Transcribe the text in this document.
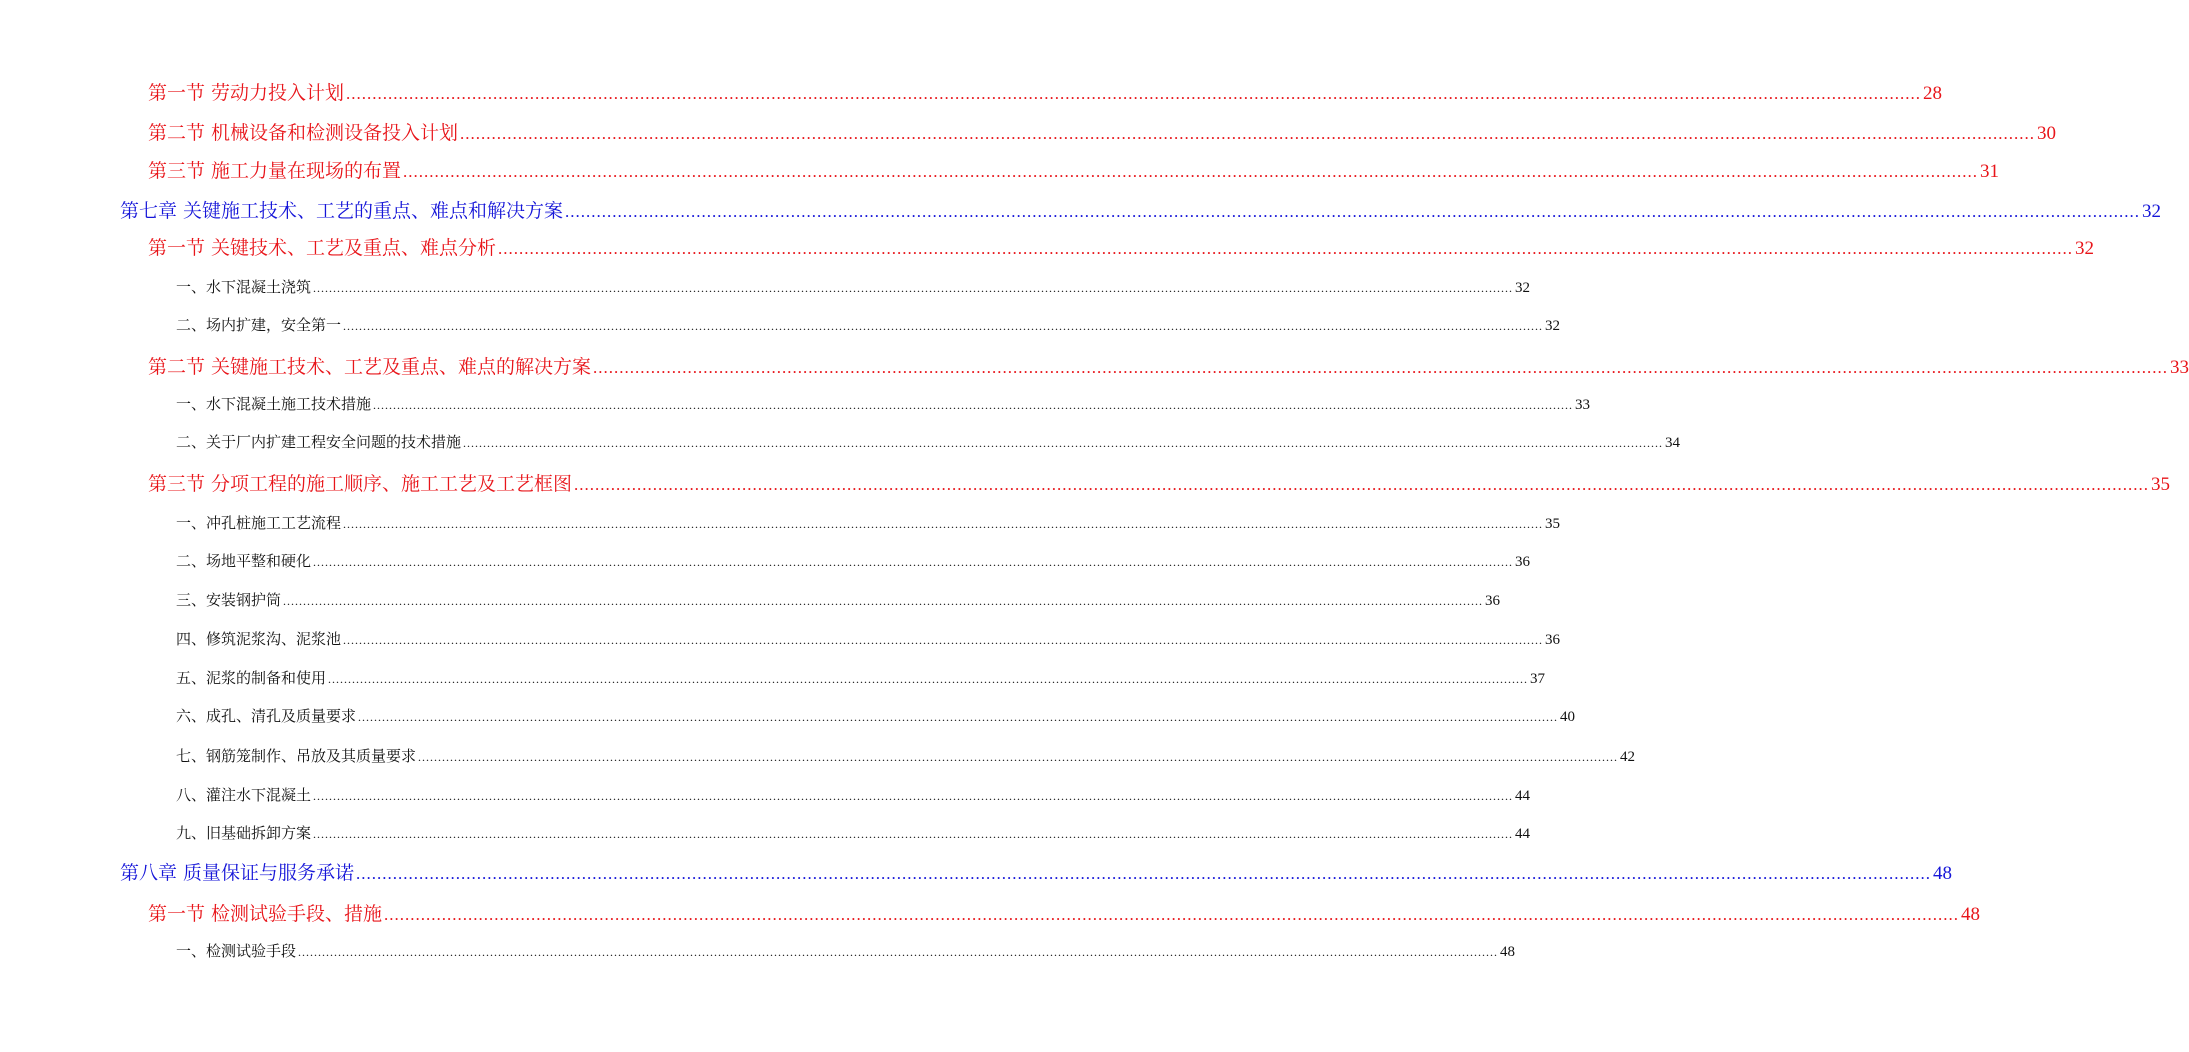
第一节 劳动力投入计划 ............................................................................................................................................................................................................................................................................................................ 28
第二节 机械设备和检测设备投入计划 ............................................................................................................................................................................................................................................................................................................ 30
第三节 施工力量在现场的布置 ............................................................................................................................................................................................................................................................................................................ 31
第七章 关键施工技术、工艺的重点、难点和解决方案 ............................................................................................................................................................................................................................................................................................................ 32
第一节 关键技术、工艺及重点、难点分析 ............................................................................................................................................................................................................................................................................................................ 32
一、水下混凝土浇筑 ............................................................................................................................................................................................................................................................................................................ 32
二、场内扩建，安全第一 ............................................................................................................................................................................................................................................................................................................ 32
第二节 关键施工技术、工艺及重点、难点的解决方案 ............................................................................................................................................................................................................................................................................................................ 33
一、水下混凝土施工技术措施 ............................................................................................................................................................................................................................................................................................................ 33
二、关于厂内扩建工程安全问题的技术措施 ............................................................................................................................................................................................................................................................................................................ 34
第三节 分项工程的施工顺序、施工工艺及工艺框图 ............................................................................................................................................................................................................................................................................................................ 35
一、冲孔桩施工工艺流程 ............................................................................................................................................................................................................................................................................................................ 35
二、场地平整和硬化 ............................................................................................................................................................................................................................................................................................................ 36
三、安装钢护筒 ............................................................................................................................................................................................................................................................................................................ 36
四、修筑泥浆沟、泥浆池 ............................................................................................................................................................................................................................................................................................................ 36
五、泥浆的制备和使用 ............................................................................................................................................................................................................................................................................................................ 37
六、成孔、清孔及质量要求 ............................................................................................................................................................................................................................................................................................................ 40
七、钢筋笼制作、吊放及其质量要求 ............................................................................................................................................................................................................................................................................................................ 42
八、灌注水下混凝土 ............................................................................................................................................................................................................................................................................................................ 44
九、旧基础拆卸方案 ............................................................................................................................................................................................................................................................................................................ 44
第八章 质量保证与服务承诺 ............................................................................................................................................................................................................................................................................................................ 48
第一节 检测试验手段、措施 ............................................................................................................................................................................................................................................................................................................ 48
一、检测试验手段 ............................................................................................................................................................................................................................................................................................................ 48
